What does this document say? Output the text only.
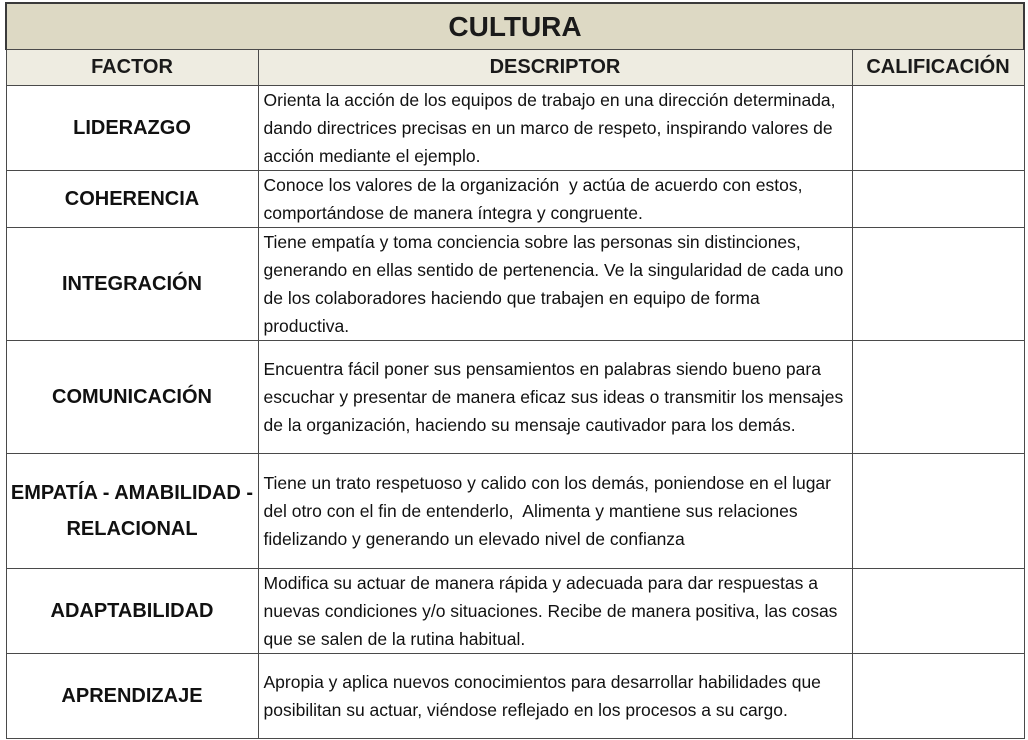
CULTURA		
FACTOR	DESCRIPTOR	CALIFICACIÓN
LIDERAZGO	Orienta la acción de los equipos de trabajo en una dirección determinada, dando directrices precisas en un marco de respeto, inspirando valores de acción mediante el ejemplo.	
COHERENCIA	Conoce los valores de la organización  y actúa de acuerdo con estos, comportándose de manera íntegra y congruente.	
INTEGRACIÓN	Tiene empatía y toma conciencia sobre las personas sin distinciones, generando en ellas sentido de pertenencia. Ve la singularidad de cada uno de los colaboradores haciendo que trabajen en equipo de forma productiva.	
COMUNICACIÓN	Encuentra fácil poner sus pensamientos en palabras siendo bueno para escuchar y presentar de manera eficaz sus ideas o transmitir los mensajes de la organización, haciendo su mensaje cautivador para los demás.	
EMPATÍA - AMABILIDAD - RELACIONAL	Tiene un trato respetuoso y calido con los demás, poniendose en el lugar del otro con el fin de entenderlo,  Alimenta y mantiene sus relaciones fidelizando y generando un elevado nivel de confianza	
ADAPTABILIDAD	Modifica su actuar de manera rápida y adecuada para dar respuestas a nuevas condiciones y/o situaciones. Recibe de manera positiva, las cosas que se salen de la rutina habitual.	
APRENDIZAJE	Apropia y aplica nuevos conocimientos para desarrollar habilidades que posibilitan su actuar, viéndose reflejado en los procesos a su cargo.	
